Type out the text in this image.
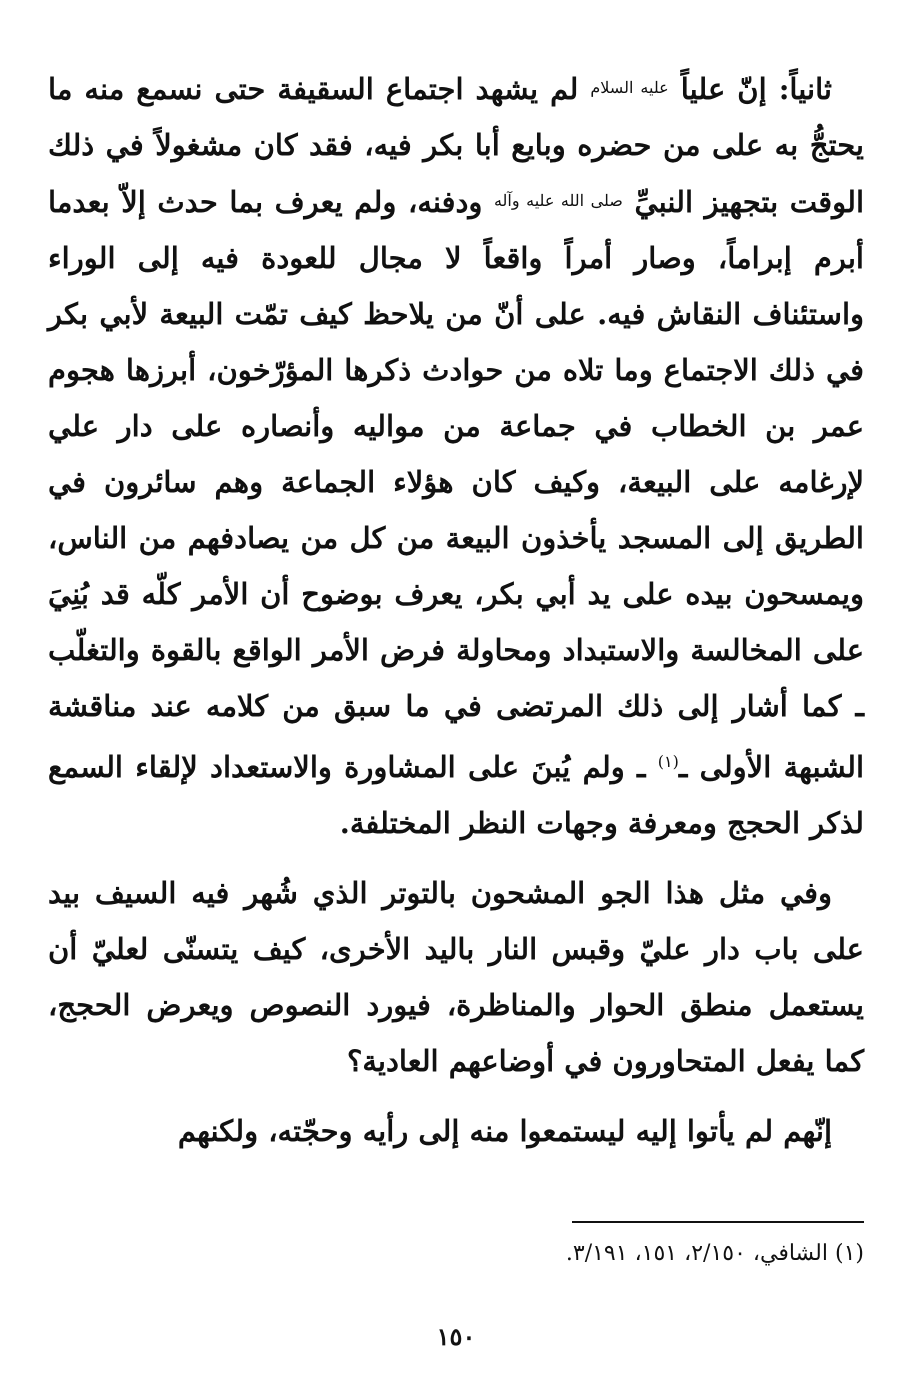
ثانياً: إنّ علياً $^{عليه السلام}$ لم يشهد اجتماع السقيفة حتى نسمع منه ما يحتجُّ به على من حضره وبايع أبا بكر فيه، فقد كان مشغولاً في ذلك الوقت بتجهيز النبيِّ $^{صلى الله عليه وآله}$ ودفنه، ولم يعرف بما حدث إلاّ بعدما أبرم إبراماً، وصار أمراً واقعاً لا مجال للعودة فيه إلى الوراء واستئناف النقاش فيه. على أنّ من يلاحظ كيف تمّت البيعة لأبي بكر في ذلك الاجتماع وما تلاه من حوادث ذكرها المؤرّخون، أبرزها هجوم عمر بن الخطاب في جماعة من مواليه وأنصاره على دار علي لإرغامه على البيعة، وكيف كان هؤلاء الجماعة وهم سائرون في الطريق إلى المسجد يأخذون البيعة من كل من يصادفهم من الناس، ويمسحون بيده على يد أبي بكر، يعرف بوضوح أن الأمر كلّه قد بُنِيَ على المخالسة والاستبداد ومحاولة فرض الأمر الواقع بالقوة والتغلّب ـ كما أشار إلى ذلك المرتضى في ما سبق من كلامه عند مناقشة الشبهة الأولى ـ$^{(١)}$ ـ ولم يُبنَ على المشاورة والاستعداد لإلقاء السمع لذكر الحجج ومعرفة وجهات النظر المختلفة.

وفي مثل هذا الجو المشحون بالتوتر الذي شُهر فيه السيف بيد على باب دار عليّ وقبس النار باليد الأخرى، كيف يتسنّى لعليّ أن يستعمل منطق الحوار والمناظرة، فيورد النصوص ويعرض الحجج، كما يفعل المتحاورون في أوضاعهم العادية؟

إنّهم لم يأتوا إليه ليستمعوا منه إلى رأيه وحجّته، ولكنهم

(١) الشافي، ٢/١٥٠، ١٥١، ٣/١٩١.

١٥٠
